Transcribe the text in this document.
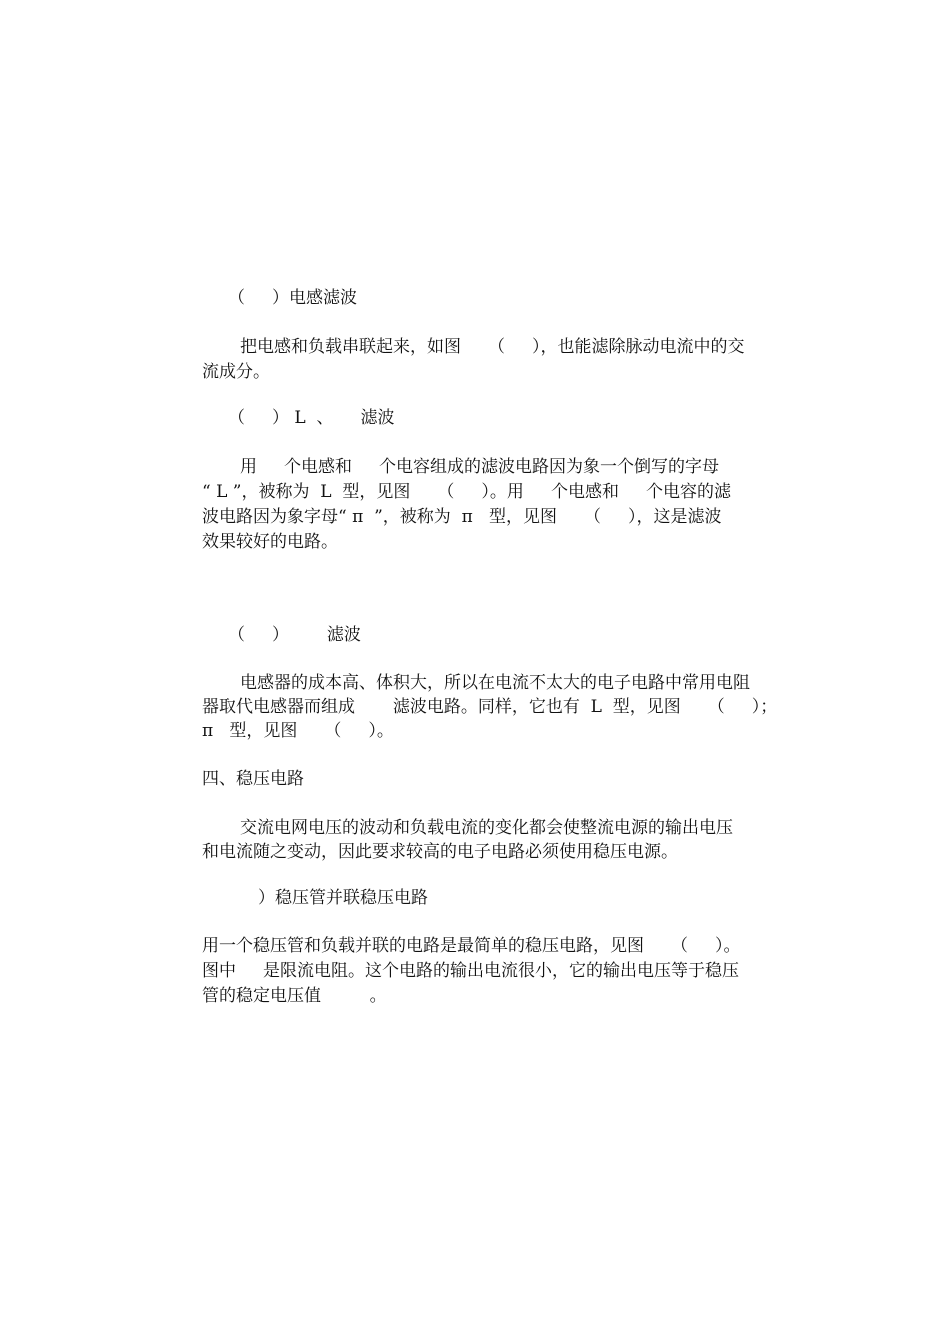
（     ）电感滤波
把电感和负载串联起来，如图     （     ），也能滤除脉动电流中的交
流成分。
（     ） L  、     滤波
用     个电感和     个电容组成的滤波电路因为象一个倒写的字母
“ L ”，被称为  L  型，见图     （     ）。用     个电感和     个电容的滤
波电路因为象字母“ π  ”，被称为  π   型，见图     （     ），这是滤波
效果较好的电路。
（     ）       滤波
电感器的成本高、体积大，所以在电流不太大的电子电路中常用电阻
器取代电感器而组成       滤波电路。同样，它也有  L  型，见图     （     ）；
π   型，见图     （     ）。
四、稳压电路
交流电网电压的波动和负载电流的变化都会使整流电源的输出电压
和电流随之变动，因此要求较高的电子电路必须使用稳压电源。
）稳压管并联稳压电路
用一个稳压管和负载并联的电路是最简单的稳压电路，见图     （     ）。
图中     是限流电阻。这个电路的输出电流很小，它的输出电压等于稳压
管的稳定电压值         。
